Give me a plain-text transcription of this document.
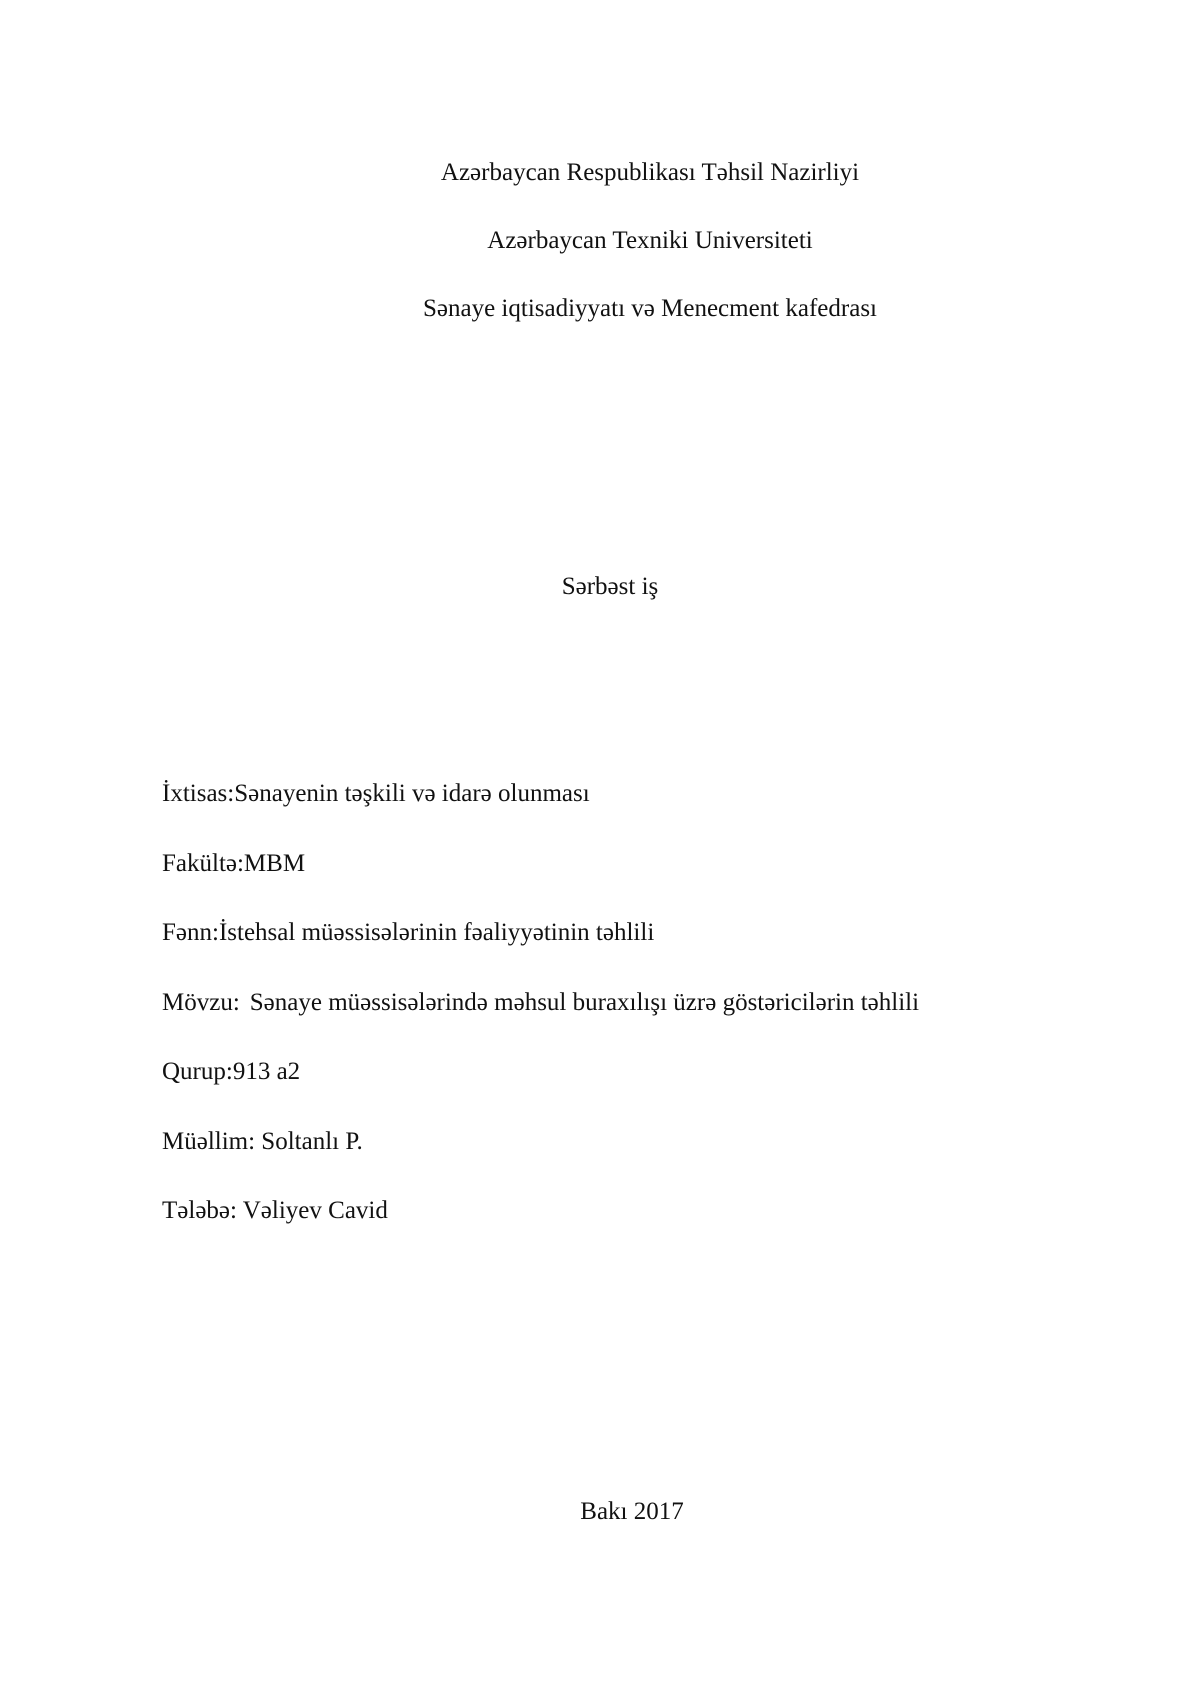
Azərbaycan Respublikası Təhsil Nazirliyi

Azərbaycan Texniki Universiteti

Sənaye iqtisadiyyatı və Menecment kafedrası

Sərbəst iş

İxtisas:Sənayenin təşkili və idarə olunması

Fakültə:MBM

Fənn:İstehsal müəssisələrinin fəaliyyətinin təhlili

Mövzu: Sənaye müəssisələrində məhsul buraxılışı üzrə göstəricilərin təhlili

Qurup:913 a2

Müəllim: Soltanlı P.

Tələbə: Vəliyev Cavid

Bakı 2017
